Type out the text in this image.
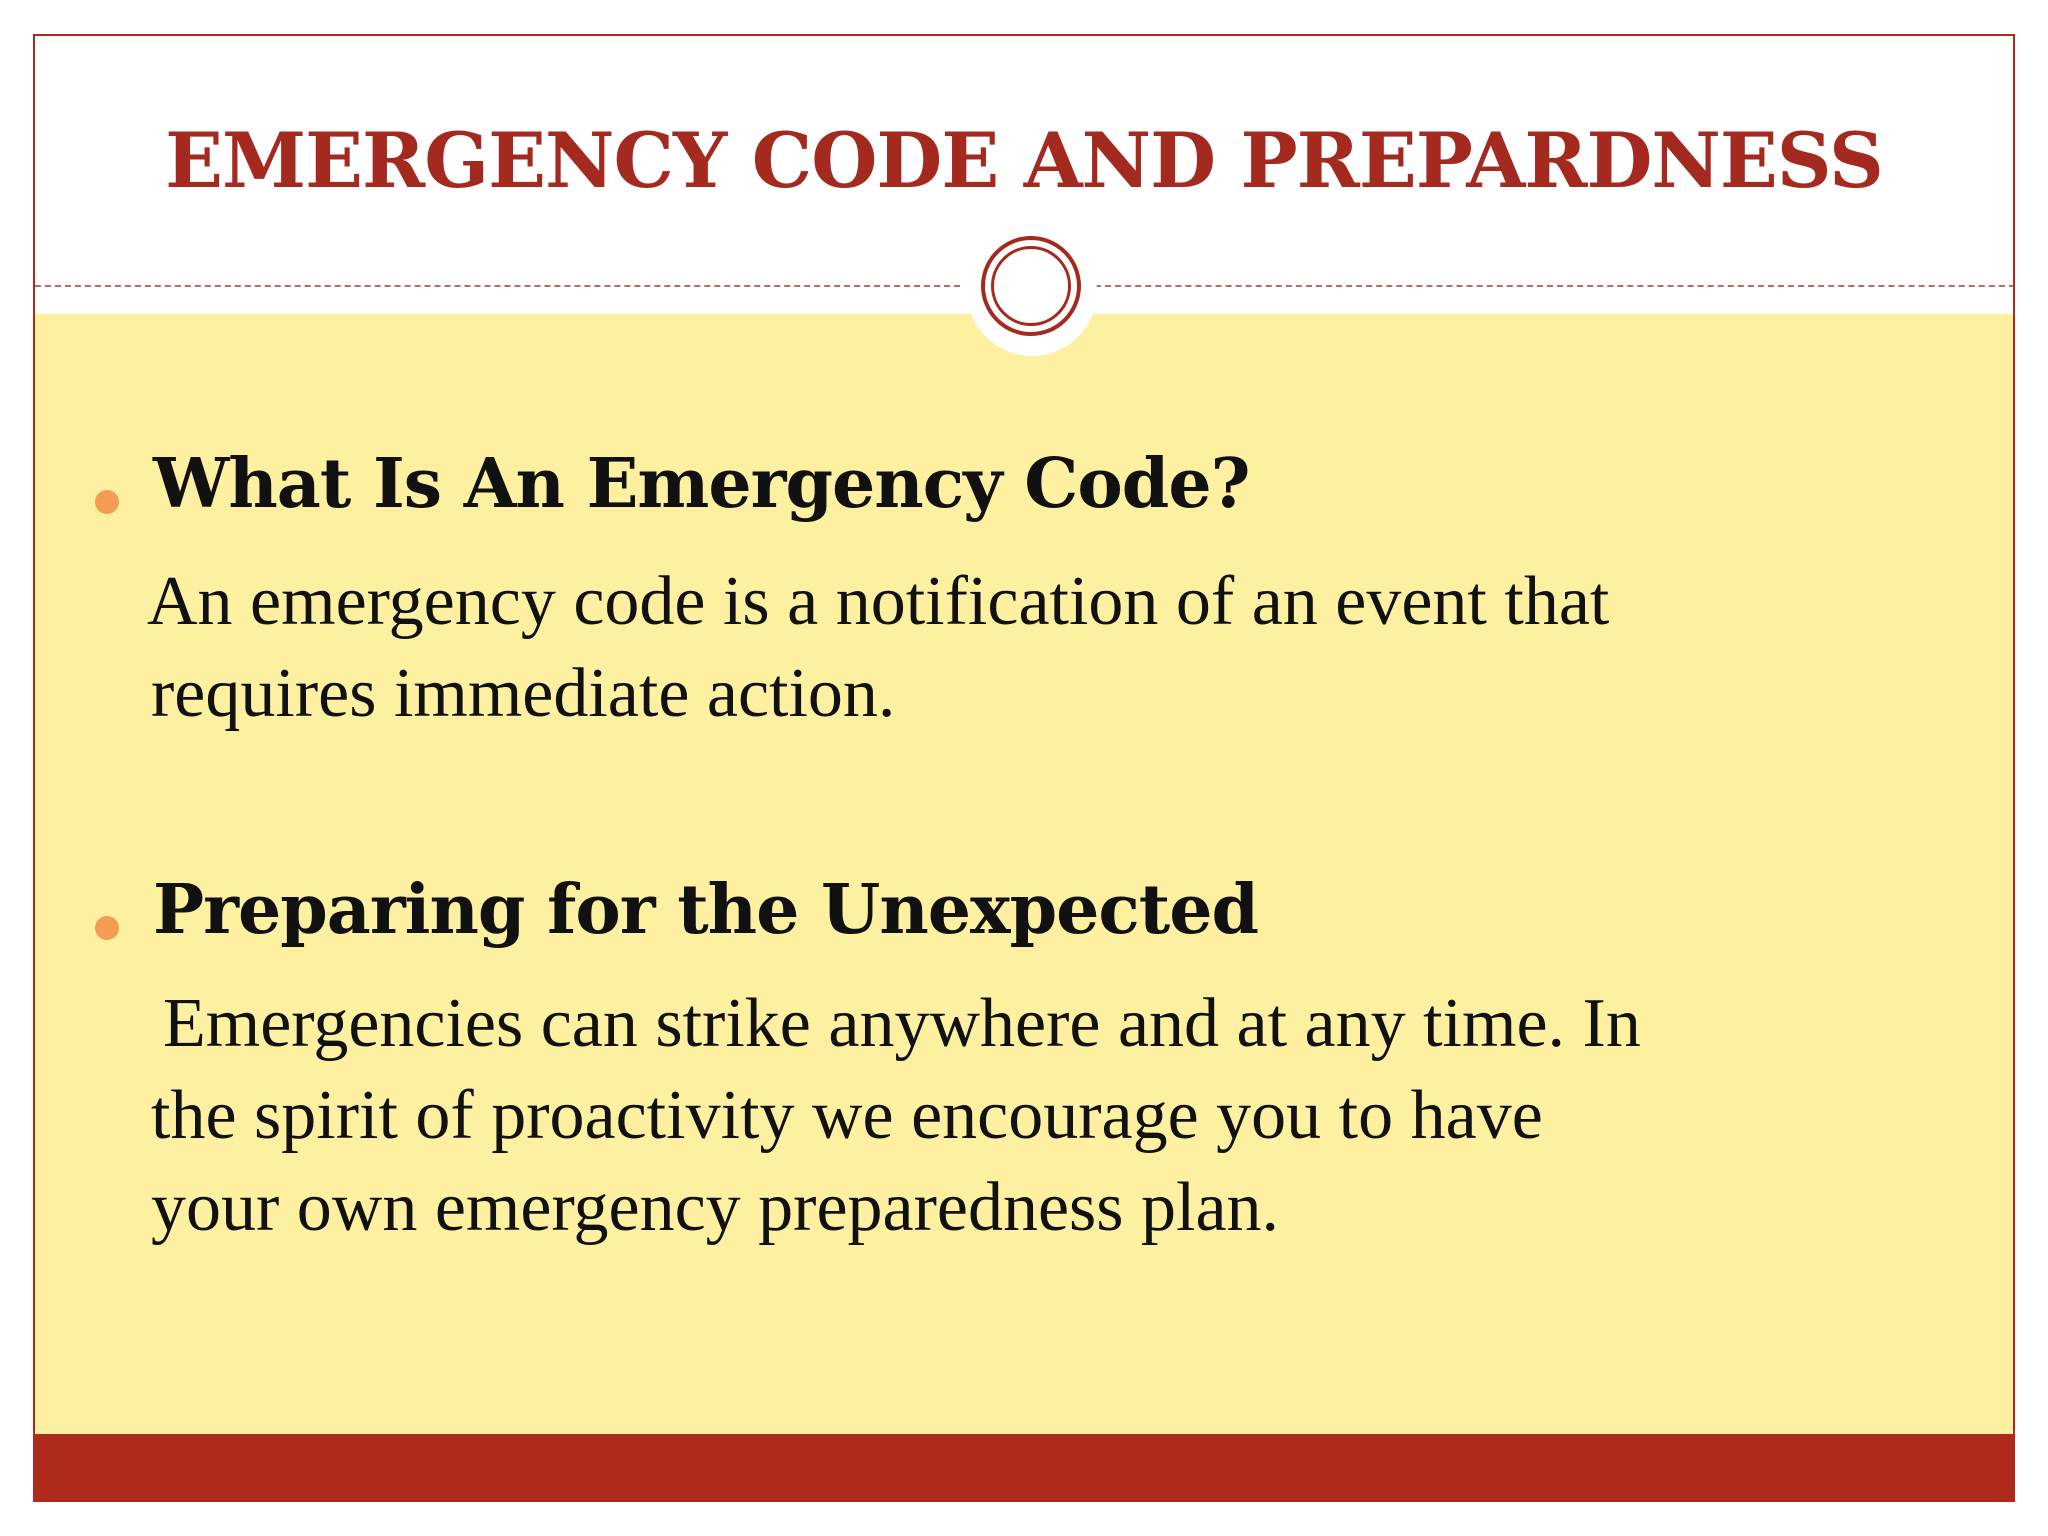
EMERGENCY CODE AND PREPARDNESS
What Is An Emergency Code?
An emergency code is a notification of an event that
requires immediate action.
Preparing for the Unexpected
Emergencies can strike anywhere and at any time. In
the spirit of proactivity we encourage you to have
your own emergency preparedness plan.
